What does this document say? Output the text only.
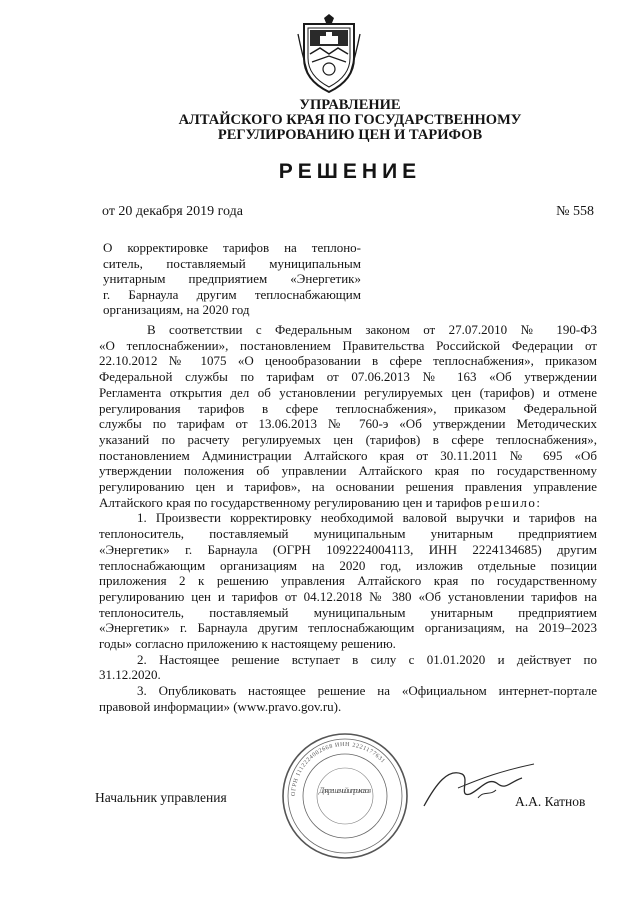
УПРАВЛЕНИЕ
АЛТАЙСКОГО КРАЯ ПО ГОСУДАРСТВЕННОМУ
РЕГУЛИРОВАНИЮ ЦЕН И ТАРИФОВ
РЕШЕНИЕ
от 20 декабря 2019 года	№ 558
О корректировке тарифов на теплоно-
ситель, поставляемый муниципальным
унитарным предприятием «Энергетик»
г. Барнаула другим теплоснабжающим
организациям, на 2020 год
В соответствии с Федеральным законом от 27.07.2010 № 190-ФЗ
«О теплоснабжении», постановлением Правительства Российской Федерации от
22.10.2012 № 1075 «О ценообразовании в сфере теплоснабжения», приказом
Федеральной службы по тарифам от 07.06.2013 № 163 «Об утверждении
Регламента открытия дел об установлении регулируемых цен (тарифов) и отмене
регулирования тарифов в сфере теплоснабжения», приказом Федеральной
службы по тарифам от 13.06.2013 № 760-э «Об утверждении Методических
указаний по расчету регулируемых цен (тарифов) в сфере теплоснабжения»,
постановлением Администрации Алтайского края от 30.11.2011 № 695 «Об
утверждении положения об управлении Алтайского края по государственному
регулированию цен и тарифов», на основании решения правления управление
Алтайского края по государственному регулированию цен и тарифов решило:
1. Произвести корректировку необходимой валовой выручки и тарифов на
теплоноситель, поставляемый муниципальным унитарным предприятием
«Энергетик» г. Барнаула (ОГРН 1092224004113, ИНН 2224134685) другим
теплоснабжающим организациям на 2020 год, изложив отдельные позиции
приложения 2 к решению управления Алтайского края по государственному
регулированию цен и тарифов от 04.12.2018 № 380 «Об установлении тарифов на
теплоноситель, поставляемый муниципальным унитарным предприятием
«Энергетик» г. Барнаула другим теплоснабжающим организациям, на 2019–2023
годы» согласно приложению к настоящему решению.
2. Настоящее решение вступает в силу с 01.01.2020 и действует по
31.12.2020.
3. Опубликовать настоящее решение на «Официальном интернет-портале
правовой информации» (www.pravo.gov.ru).
ОГРН 1112224002668 ИНН 2221177631
Для решений и приказов
Начальник управления	А.А. Катнов
